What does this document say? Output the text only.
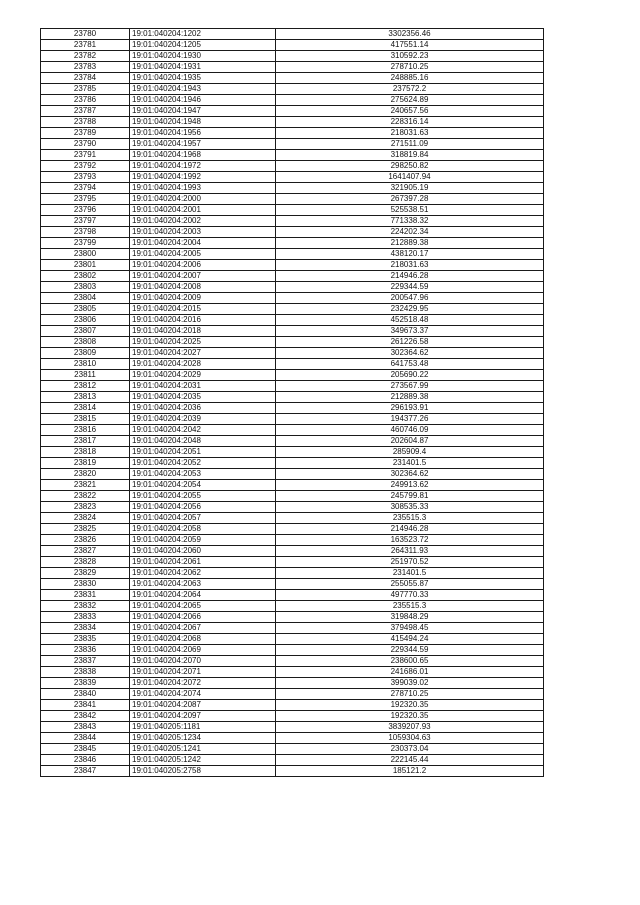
23780	19:01:040204:1202	3302356.46
23781	19:01:040204:1205	417551.14
23782	19:01:040204:1930	310592.23
23783	19:01:040204:1931	278710.25
23784	19:01:040204:1935	248885.16
23785	19:01:040204:1943	237572.2
23786	19:01:040204:1946	275624.89
23787	19:01:040204:1947	240657.56
23788	19:01:040204:1948	228316.14
23789	19:01:040204:1956	218031.63
23790	19:01:040204:1957	271511.09
23791	19:01:040204:1968	318819.84
23792	19:01:040204:1972	298250.82
23793	19:01:040204:1992	1641407.94
23794	19:01:040204:1993	321905.19
23795	19:01:040204:2000	267397.28
23796	19:01:040204:2001	525538.51
23797	19:01:040204:2002	771338.32
23798	19:01:040204:2003	224202.34
23799	19:01:040204:2004	212889.38
23800	19:01:040204:2005	438120.17
23801	19:01:040204:2006	218031.63
23802	19:01:040204:2007	214946.28
23803	19:01:040204:2008	229344.59
23804	19:01:040204:2009	200547.96
23805	19:01:040204:2015	232429.95
23806	19:01:040204:2016	452518.48
23807	19:01:040204:2018	349673.37
23808	19:01:040204:2025	261226.58
23809	19:01:040204:2027	302364.62
23810	19:01:040204:2028	641753.48
23811	19:01:040204:2029	205690.22
23812	19:01:040204:2031	273567.99
23813	19:01:040204:2035	212889.38
23814	19:01:040204:2036	296193.91
23815	19:01:040204:2039	194377.26
23816	19:01:040204:2042	460746.09
23817	19:01:040204:2048	202604.87
23818	19:01:040204:2051	285909.4
23819	19:01:040204:2052	231401.5
23820	19:01:040204:2053	302364.62
23821	19:01:040204:2054	249913.62
23822	19:01:040204:2055	245799.81
23823	19:01:040204:2056	308535.33
23824	19:01:040204:2057	235515.3
23825	19:01:040204:2058	214946.28
23826	19:01:040204:2059	163523.72
23827	19:01:040204:2060	264311.93
23828	19:01:040204:2061	251970.52
23829	19:01:040204:2062	231401.5
23830	19:01:040204:2063	255055.87
23831	19:01:040204:2064	497770.33
23832	19:01:040204:2065	235515.3
23833	19:01:040204:2066	319848.29
23834	19:01:040204:2067	379498.45
23835	19:01:040204:2068	415494.24
23836	19:01:040204:2069	229344.59
23837	19:01:040204:2070	238600.65
23838	19:01:040204:2071	241686.01
23839	19:01:040204:2072	399039.02
23840	19:01:040204:2074	278710.25
23841	19:01:040204:2087	192320.35
23842	19:01:040204:2097	192320.35
23843	19:01:040205:1181	3839207.93
23844	19:01:040205:1234	1059304.63
23845	19:01:040205:1241	230373.04
23846	19:01:040205:1242	222145.44
23847	19:01:040205:2758	185121.2
